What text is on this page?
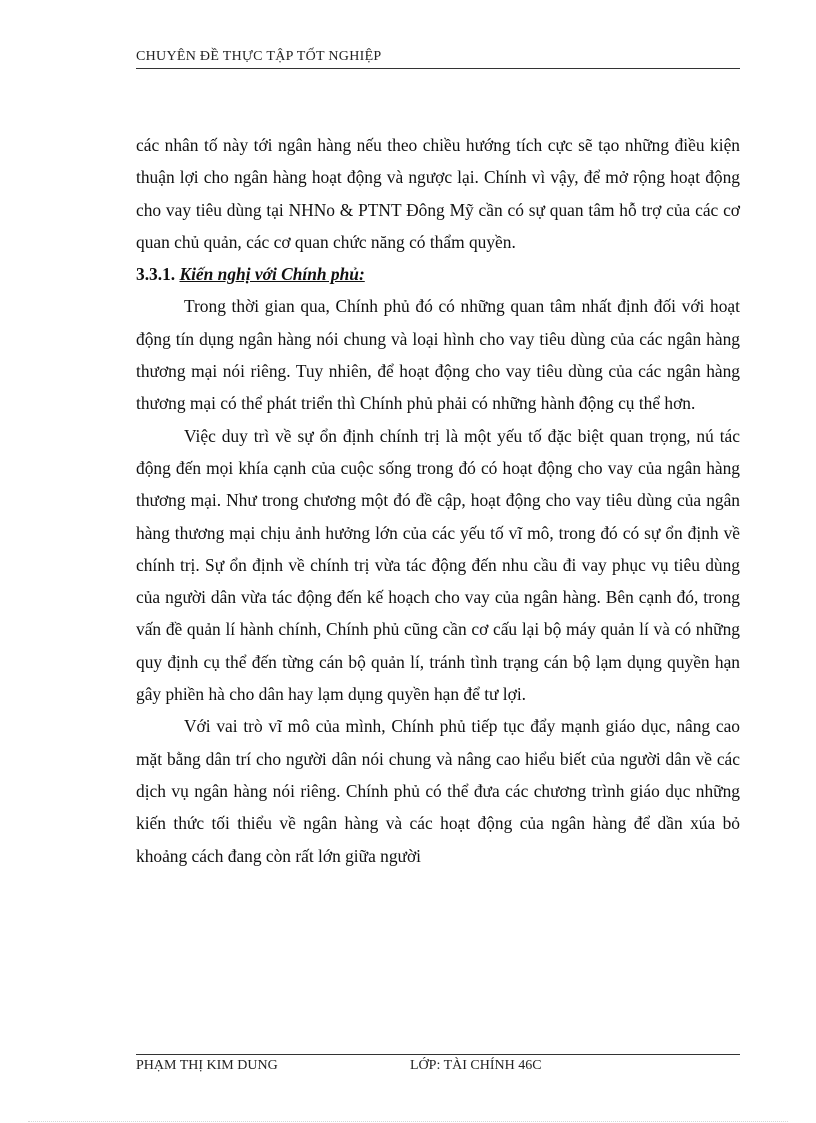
CHUYÊN ĐỀ THỰC TẬP TỐT NGHIỆP

các nhân tố này tới ngân hàng nếu theo chiều hướng tích cực sẽ tạo những điều kiện thuận lợi cho ngân hàng hoạt động và ngược lại. Chính vì vậy, để mở rộng hoạt động cho vay tiêu dùng tại NHNo & PTNT Đông Mỹ cần có sự quan tâm hỗ trợ của các cơ quan chủ quản, các cơ quan chức năng có thẩm quyền.

3.3.1. Kiến nghị với Chính phủ:

Trong thời gian qua, Chính phủ đó có những quan tâm nhất định đối với hoạt động tín dụng ngân hàng nói chung và loại hình cho vay tiêu dùng của các ngân hàng thương mại nói riêng. Tuy nhiên, để hoạt động cho vay tiêu dùng của các ngân hàng thương mại có thể phát triển thì Chính phủ phải có những hành động cụ thể hơn.

Việc duy trì về sự ổn định chính trị là một yếu tố đặc biệt quan trọng, nú tác động đến mọi khía cạnh của cuộc sống trong đó có hoạt động cho vay của ngân hàng thương mại. Như trong chương một đó đề cập, hoạt động cho vay tiêu dùng của ngân hàng thương mại chịu ảnh hưởng lớn của các yếu tố vĩ mô, trong đó có sự ổn định về chính trị. Sự ổn định về chính trị vừa tác động đến nhu cầu đi vay phục vụ tiêu dùng của người dân vừa tác động đến kế hoạch cho vay của ngân hàng. Bên cạnh đó, trong vấn đề quản lí hành chính, Chính phủ cũng cần cơ cấu lại bộ máy quản lí và có những quy định cụ thể đến từng cán bộ quản lí, tránh tình trạng cán bộ lạm dụng quyền hạn gây phiền hà cho dân hay lạm dụng quyền hạn để tư lợi.

Với vai trò vĩ mô của mình, Chính phủ tiếp tục đẩy mạnh giáo dục, nâng cao mặt bằng dân trí cho người dân nói chung và nâng cao hiểu biết của người dân về các dịch vụ ngân hàng nói riêng. Chính phủ có thể đưa các chương trình giáo dục những kiến thức tối thiểu về ngân hàng và các hoạt động của ngân hàng để dần xúa bỏ khoảng cách đang còn rất lớn giữa người

PHẠM THỊ KIM DUNG	LỚP: TÀI CHÍNH 46C
